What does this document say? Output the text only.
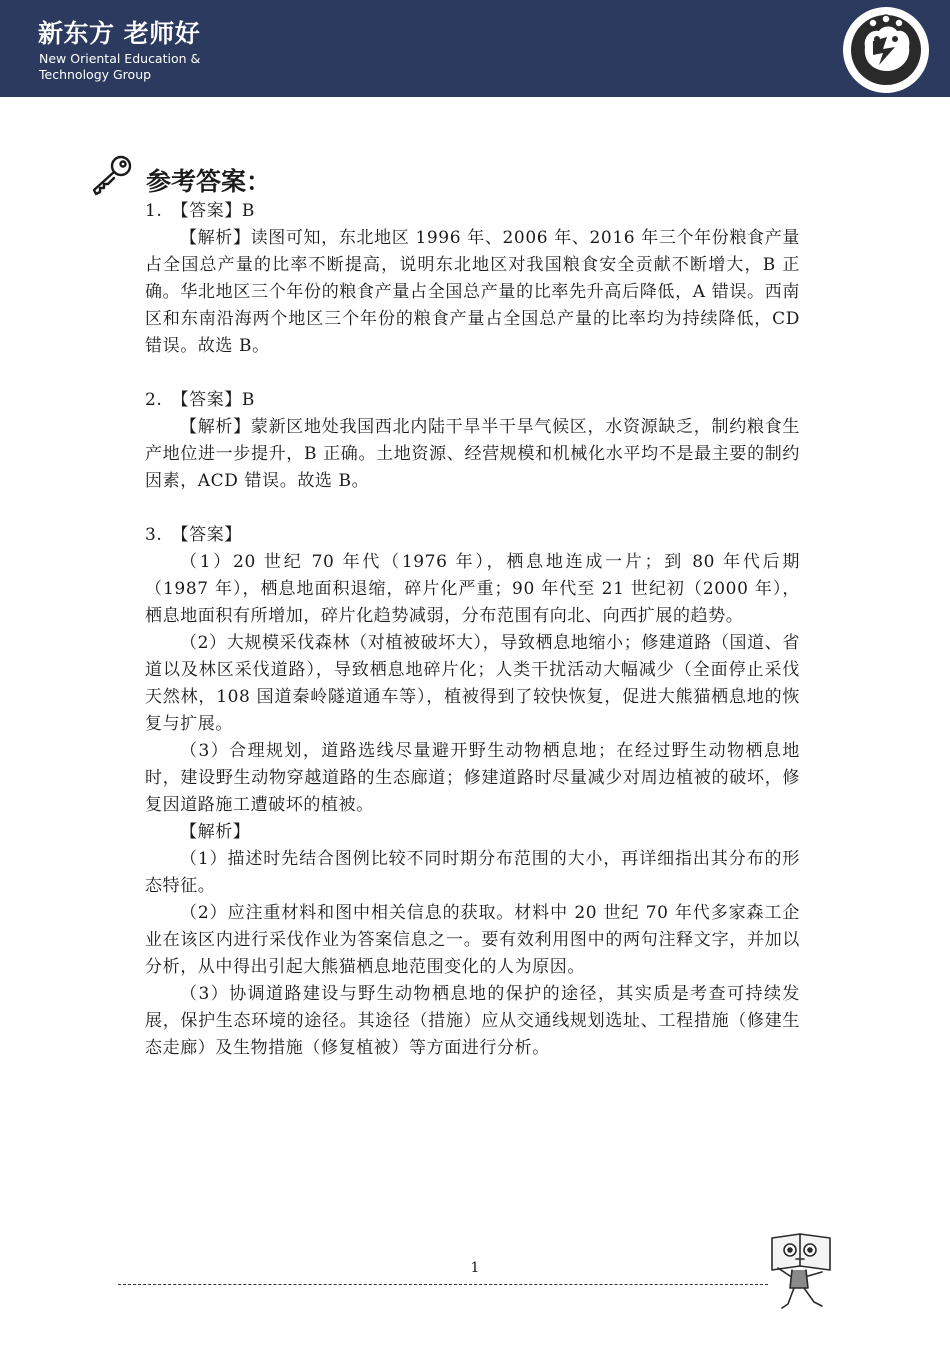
新东方 老师好
New Oriental Education & Technology Group
参考答案：

1.　【答案】B

【解析】读图可知，东北地区 1996 年、2006 年、2016 年三个年份粮食产量占全国总产量的比率不断提高，说明东北地区对我国粮食安全贡献不断增大，B 正确。华北地区三个年份的粮食产量占全国总产量的比率先升高后降低，A 错误。西南区和东南沿海两个地区三个年份的粮食产量占全国总产量的比率均为持续降低，CD 错误。故选 B。

2.　【答案】B

【解析】蒙新区地处我国西北内陆干旱半干旱气候区，水资源缺乏，制约粮食生产地位进一步提升，B 正确。土地资源、经营规模和机械化水平均不是最主要的制约因素，ACD 错误。故选 B。

3.　【答案】

（1）20 世纪 70 年代（1976 年），栖息地连成一片；到 80 年代后期（1987 年），栖息地面积退缩，碎片化严重；90 年代至 21 世纪初（2000 年），栖息地面积有所增加，碎片化趋势减弱，分布范围有向北、向西扩展的趋势。

（2）大规模采伐森林（对植被破坏大），导致栖息地缩小；修建道路（国道、省道以及林区采伐道路），导致栖息地碎片化；人类干扰活动大幅减少（全面停止采伐天然林，108 国道秦岭隧道通车等），植被得到了较快恢复，促进大熊猫栖息地的恢复与扩展。

（3）合理规划，道路选线尽量避开野生动物栖息地；在经过野生动物栖息地时，建设野生动物穿越道路的生态廊道；修建道路时尽量减少对周边植被的破坏，修复因道路施工遭破坏的植被。

【解析】

（1）描述时先结合图例比较不同时期分布范围的大小，再详细指出其分布的形态特征。

（2）应注重材料和图中相关信息的获取。材料中 20 世纪 70 年代多家森工企业在该区内进行采伐作业为答案信息之一。要有效利用图中的两句注释文字，并加以分析，从中得出引起大熊猫栖息地范围变化的人为原因。

（3）协调道路建设与野生动物栖息地的保护的途径，其实质是考查可持续发展，保护生态环境的途径。其途径（措施）应从交通线规划选址、工程措施（修建生态走廊）及生物措施（修复植被）等方面进行分析。

1
